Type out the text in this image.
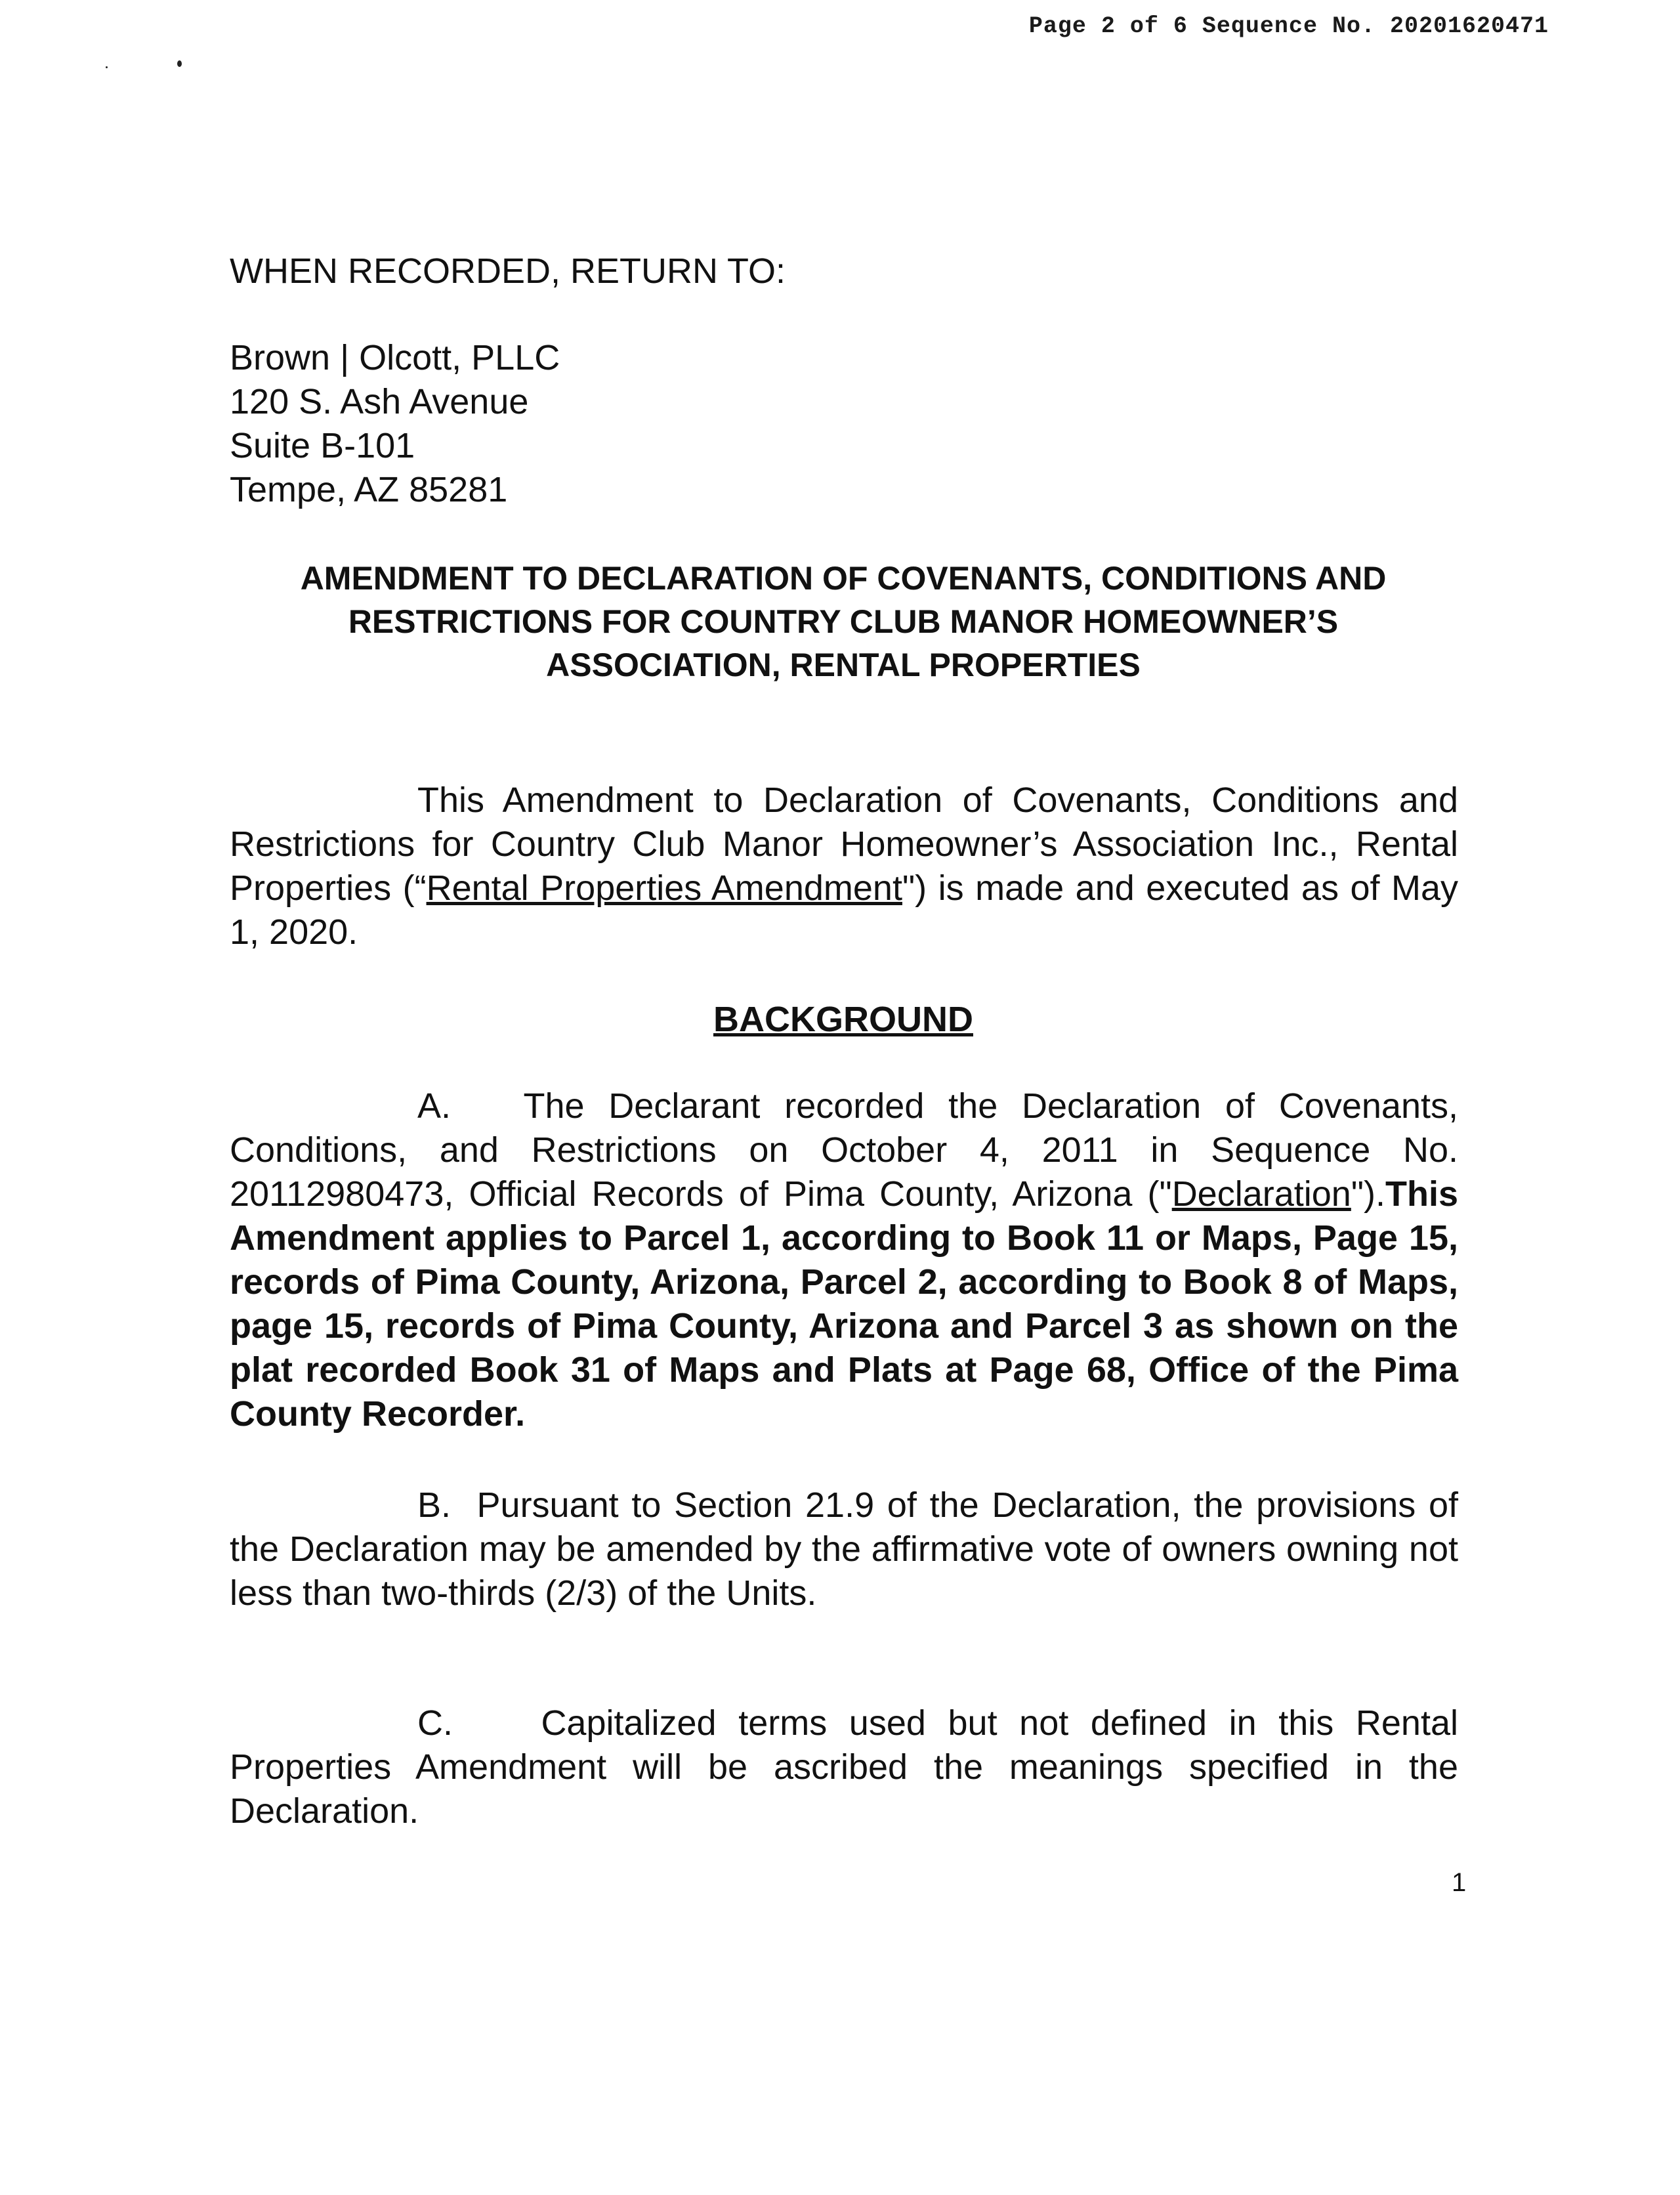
Page 2 of 6 Sequence No. 20201620471
WHEN RECORDED, RETURN TO:
Brown | Olcott, PLLC
120 S. Ash Avenue
Suite B-101
Tempe, AZ 85281
AMENDMENT TO DECLARATION OF COVENANTS, CONDITIONS AND
RESTRICTIONS FOR COUNTRY CLUB MANOR HOMEOWNER’S
ASSOCIATION, RENTAL PROPERTIES
This Amendment to Declaration of Covenants, Conditions and Restrictions for Country Club Manor Homeowner’s Association Inc., Rental Properties (“Rental Properties Amendment") is made and executed as of May 1, 2020.
BACKGROUND
A. The Declarant recorded the Declaration of Covenants, Conditions, and Restrictions on October 4, 2011 in Sequence No. 20112980473, Official Records of Pima County, Arizona ("Declaration").This Amendment applies to Parcel 1, according to Book 11 or Maps, Page 15, records of Pima County, Arizona, Parcel 2, according to Book 8 of Maps, page 15, records of Pima County, Arizona and Parcel 3 as shown on the plat recorded Book 31 of Maps and Plats at Page 68, Office of the Pima County Recorder.
B. Pursuant to Section 21.9 of the Declaration, the provisions of the Declaration may be amended by the affirmative vote of owners owning not less than two-thirds (2/3) of the Units.
C. Capitalized terms used but not defined in this Rental Properties Amendment will be ascribed the meanings specified in the Declaration.
1
